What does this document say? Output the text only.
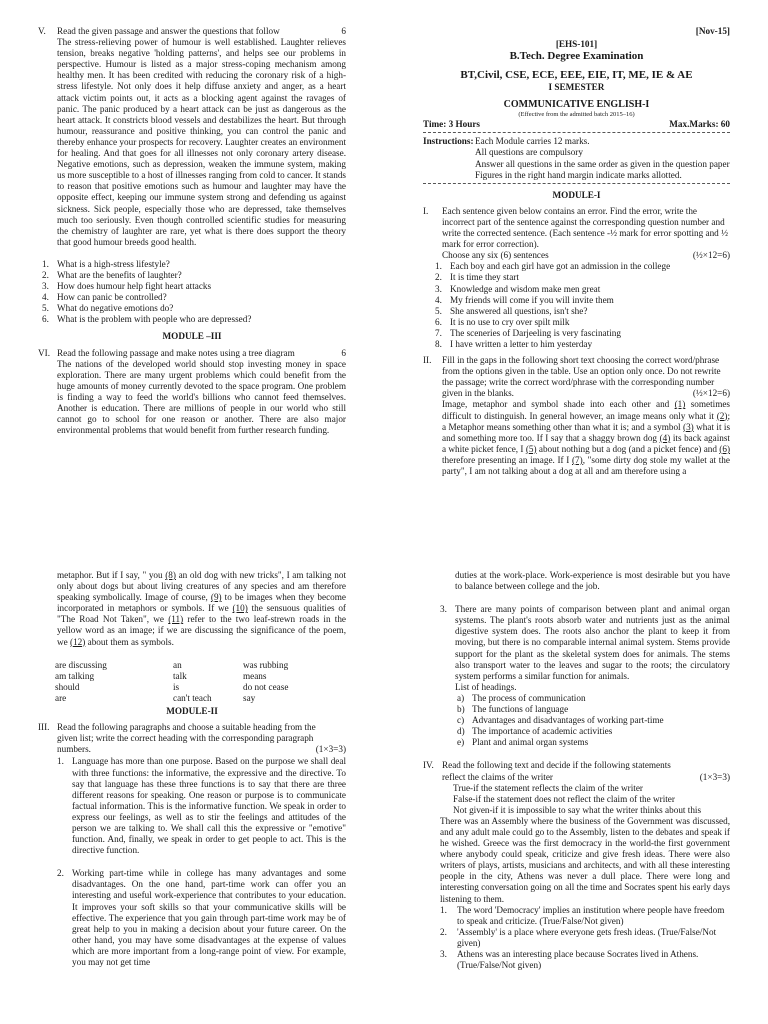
V.	Read the given passage and answer the questions that follow	6

The stress-relieving power of humour is well established. Laughter relieves tension, breaks negative 'holding patterns', and helps see our problems in perspective. Humour is listed as a major stress-coping mechanism among healthy men. It has been credited with reducing the coronary risk of a high-stress lifestyle. Not only does it help diffuse anxiety and anger, as a heart attack victim points out, it acts as a blocking agent against the ravages of panic. The panic produced by a heart attack can be just as dangerous as the heart attack. It constricts blood vessels and destabilizes the heart. But through humour, reassurance and positive thinking, you can control the panic and thereby enhance your prospects for recovery. Laughter creates an environment for healing. And that goes for all illnesses not only coronary artery disease. Negative emotions, such as depression, weaken the immune system, making us more susceptible to a host of illnesses ranging from cold to cancer. It stands to reason that positive emotions such as humour and laughter may have the opposite effect, keeping our immune system strong and defending us against sickness. Sick people, especially those who are depressed, take themselves much too seriously. Even though controlled scientific studies for measuring the chemistry of laughter are rare, yet what is there does support the theory that good humour breeds good health.

1. What is a high-stress lifestyle?
2. What are the benefits of laughter?
3. How does humour help fight heart attacks
4. How can panic be controlled?
5. What do negative emotions do?
6. What is the problem with people who are depressed?

MODULE –III

VI. Read the following passage and make notes using a tree diagram	6

The nations of the developed world should stop investing money in space exploration. There are many urgent problems which could benefit from the huge amounts of money currently devoted to the space program. One problem is finding a way to feed the world's billions who cannot feed themselves. Another is education. There are millions of people in our world who still cannot go to school for one reason or another. There are also major environmental problems that would benefit from further research funding.

[Nov-15]

[EHS-101]

B.Tech. Degree Examination

BT,Civil, CSE, ECE, EEE, EIE, IT, ME, IE & AE

I SEMESTER

COMMUNICATIVE ENGLISH-I

(Effective from the admitted batch 2015–16)

Time: 3 Hours	Max.Marks: 60
Instructions: Each Module carries 12 marks.

All questions are compulsory

Answer all questions in the same order as given in the question paper

Figures in the right hand margin indicate marks allotted.

MODULE-I

I.	Each sentence given below contains an error. Find the error, write the incorrect part of the sentence against the corresponding question number and write the corrected sentence. (Each sentence -½ mark for error spotting and ½ mark for error correction).
Choose any six (6) sentences	(½×12=6)
1. Each boy and each girl have got an admission in the college
2. It is time they start
3. Knowledge and wisdom make men great
4. My friends will come if you will invite them
5. She answered all questions, isn't she?
6. It is no use to cry over spilt milk
7. The sceneries of Darjeeling is very fascinating
8. I have written a letter to him yesterday
II.	Fill in the gaps in the following short text choosing the correct word/phrase from the options given in the table. Use an option only once. Do not rewrite the passage; write the correct word/phrase with the corresponding number given in the blanks.	(½×12=6)

Image, metaphor and symbol shade into each other and (1) sometimes difficult to distinguish. In general however, an image means only what it (2); a Metaphor means something other than what it is; and a symbol (3) what it is and something more too. If I say that a shaggy brown dog (4) its back against a white picket fence, I (5) about nothing but a dog (and a picket fence) and (6) therefore presenting an image. If I (7), "some dirty dog stole my wallet at the party", I am not talking about a dog at all and am therefore using a

metaphor. But if I say, " you (8) an old dog with new tricks", I am talking not only about dogs but about living creatures of any species and am therefore speaking symbolically. Image of course, (9) to be images when they become incorporated in metaphors or symbols. If we (10) the sensuous qualities of "The Road Not Taken", we (11) refer to the two leaf-strewn roads in the yellow word as an image; if we are discussing the significance of the poem, we (12) about them as symbols.

are discussing	an	was rubbing
am talking	talk	means
should	is	do not cease
are	can't teach	say

MODULE-II

III. Read the following paragraphs and choose a suitable heading from the given list; write the correct heading with the corresponding paragraph numbers.	(1×3=3)
1. Language has more than one purpose. Based on the purpose we shall deal with three functions: the informative, the expressive and the directive. To say that language has these three functions is to say that there are three different reasons for speaking. One reason or purpose is to communicate factual information. This is the informative function. We speak in order to express our feelings, as well as to stir the feelings and attitudes of the person we are talking to. We shall call this the expressive or "emotive" function. And, finally, we speak in order to get people to act. This is the directive function.

2. Working part-time while in college has many advantages and some disadvantages. On the one hand, part-time work can offer you an interesting and useful work-experience that contributes to your education. It improves your soft skills so that your communicative skills will be effective. The experience that you gain through part-time work may be of great help to you in making a decision about your future career. On the other hand, you may have some disadvantages at the expense of values which are more important from a long-range point of view. For example, you may not get time

duties at the work-place. Work-experience is most desirable but you have to balance between college and the job.

3. There are many points of comparison between plant and animal organ systems. The plant's roots absorb water and nutrients just as the animal digestive system does. The roots also anchor the plant to keep it from moving, but there is no comparable internal animal system. Stems provide support for the plant as the skeletal system does for animals. The stems also transport water to the leaves and sugar to the roots; the circulatory system performs a similar function for animals.

List of headings.

a) The process of communication
b) The functions of language
c) Advantages and disadvantages of working part-time
d) The importance of academic activities
e) Plant and animal organ systems
IV. Read the following text and decide if the following statements reflect the claims of the writer	(1×3=3)

True-if the statement reflects the claim of the writer

False-if the statement does not reflect the claim of the writer

Not given-if it is impossible to say what the writer thinks about this

There was an Assembly where the business of the Government was discussed, and any adult male could go to the Assembly, listen to the debates and speak if he wished. Greece was the first democracy in the world-the first government where anybody could speak, criticize and give fresh ideas. There were also writers of plays, artists, musicians and architects, and with all these interesting people in the city, Athens was never a dull place. There were long and interesting conversation going on all the time and Socrates spent his early days listening to them.

1. The word 'Democracy' implies an institution where people have freedom to speak and criticize. (True/False/Not given)
2. 'Assembly' is a place where everyone gets fresh ideas. (True/False/Not given)
3. Athens was an interesting place because Socrates lived in Athens. (True/False/Not given)
